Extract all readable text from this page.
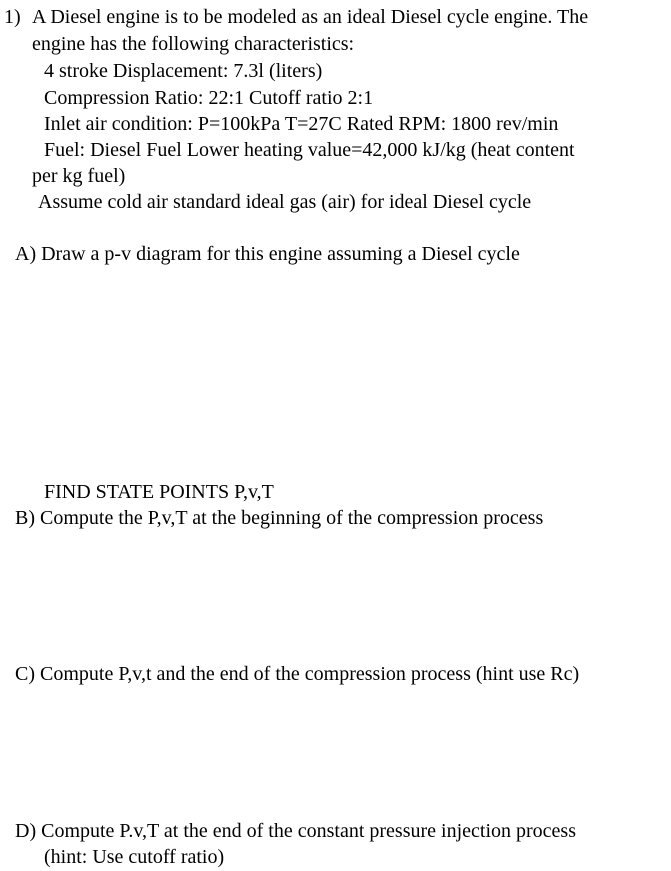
1) A Diesel engine is to be modeled as an ideal Diesel cycle engine. The
engine has the following characteristics:
4 stroke Displacement: 7.3l (liters)
Compression Ratio: 22:1 Cutoff ratio 2:1
Inlet air condition: P=100kPa T=27C Rated RPM: 1800 rev/min
Fuel: Diesel Fuel Lower heating value=42,000 kJ/kg (heat content
per kg fuel)
Assume cold air standard ideal gas (air) for ideal Diesel cycle
A) Draw a p-v diagram for this engine assuming a Diesel cycle
FIND STATE POINTS P,v,T
B) Compute the P,v,T at the beginning of the compression process
C) Compute P,v,t and the end of the compression process (hint use Rc)
D) Compute P.v,T at the end of the constant pressure injection process
(hint: Use cutoff ratio)
